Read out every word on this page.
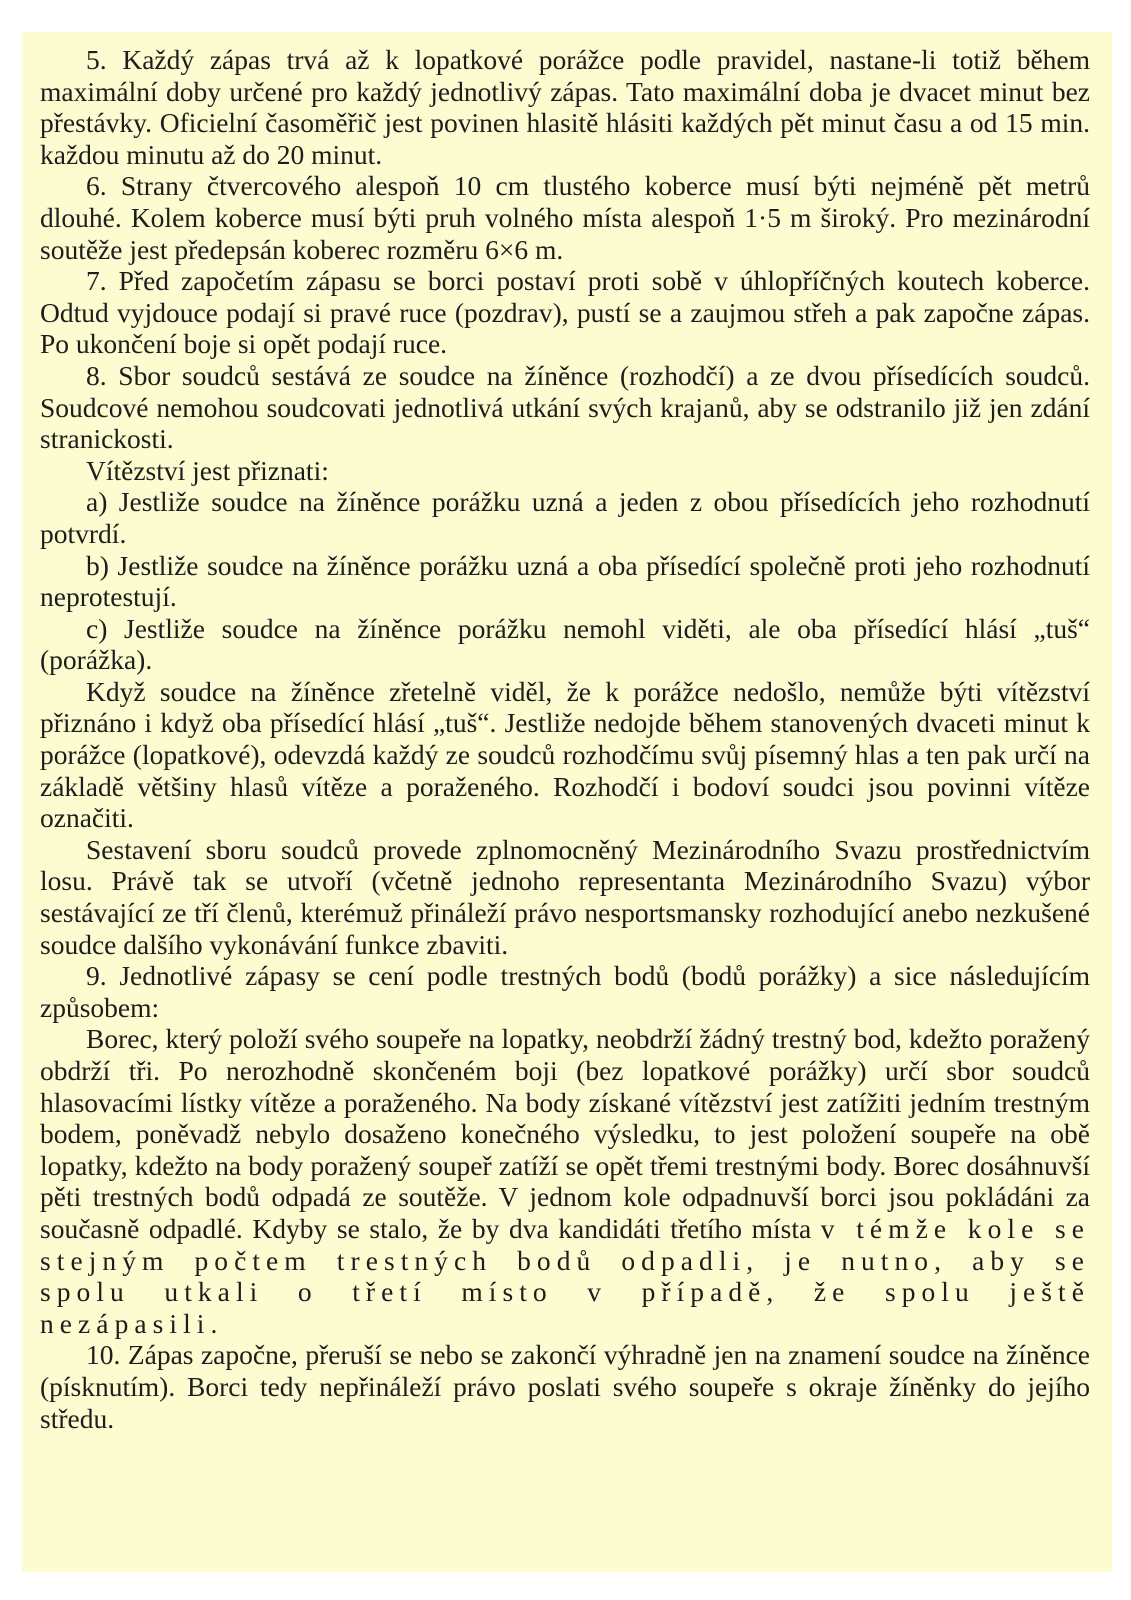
5. Každý zápas trvá až k lopatkové porážce podle pravidel, nastane-li totiž během maximální doby určené pro každý jednotlivý zápas. Tato maximální doba je dvacet minut bez přestávky. Oficielní časoměřič jest povinen hlasitě hlásiti každých pět minut času a od 15 min. každou minutu až do 20 minut.

6. Strany čtvercového alespoň 10 cm tlustého koberce musí býti nejméně pět metrů dlouhé. Kolem koberce musí býti pruh volného místa alespoň 1·5 m široký. Pro mezinárodní soutěže jest předepsán koberec rozměru 6×6 m.

7. Před započetím zápasu se borci postaví proti sobě v úhlopříčných koutech koberce. Odtud vyjdouce podají si pravé ruce (pozdrav), pustí se a zaujmou střeh a pak započne zápas. Po ukončení boje si opět podají ruce.

8. Sbor soudců sestává ze soudce na žíněnce (rozhodčí) a ze dvou přísedících soudců. Soudcové nemohou soudcovati jednotlivá utkání svých krajanů, aby se odstranilo již jen zdání stranickosti.

Vítězství jest přiznati:

a) Jestliže soudce na žíněnce porážku uzná a jeden z obou přísedících jeho rozhodnutí potvrdí.

b) Jestliže soudce na žíněnce porážku uzná a oba přísedící společně proti jeho rozhodnutí neprotestují.

c) Jestliže soudce na žíněnce porážku nemohl viděti, ale oba přísedící hlásí „tuš“ (porážka).

Když soudce na žíněnce zřetelně viděl, že k porážce nedošlo, nemůže býti vítězství přiznáno i když oba přísedící hlásí „tuš“. Jestliže nedojde během stanovených dvaceti minut k porážce (lopatkové), odevzdá každý ze soudců rozhodčímu svůj písemný hlas a ten pak určí na základě většiny hlasů vítěze a poraženého. Rozhodčí i bodoví soudci jsou povinni vítěze označiti.

Sestavení sboru soudců provede zplnomocněný Mezinárodního Svazu prostřednictvím losu. Právě tak se utvoří (včetně jednoho representanta Mezinárodního Svazu) výbor sestávající ze tří členů, kterémuž přináleží právo nesportsmansky rozhodující anebo nezkušené soudce dalšího vykonávání funkce zbaviti.

9. Jednotlivé zápasy se cení podle trestných bodů (bodů porážky) a sice následujícím způsobem:

Borec, který položí svého soupeře na lopatky, neobdrží žádný trestný bod, kdežto poražený obdrží tři. Po nerozhodně skončeném boji (bez lopatkové porážky) určí sbor soudců hlasovacími lístky vítěze a poraženého. Na body získané vítězství jest zatížiti jedním trestným bodem, poněvadž nebylo dosaženo konečného výsledku, to jest položení soupeře na obě lopatky, kdežto na body poražený soupeř zatíží se opět třemi trestnými body. Borec dosáhnuvší pěti trestných bodů odpadá ze soutěže. V jednom kole odpadnuvší borci jsou pokládáni za současně odpadlé. Kdyby se stalo, že by dva kandidáti třetího místa v témže kole se stejným počtem trestných bodů odpadli, je nutno, aby se spolu utkali o třetí místo v případě, že spolu ještě nezápasili.

10. Zápas započne, přeruší se nebo se zakončí výhradně jen na znamení soudce na žíněnce (písknutím). Borci tedy nepřináleží právo poslati svého soupeře s okraje žíněnky do jejího středu.
